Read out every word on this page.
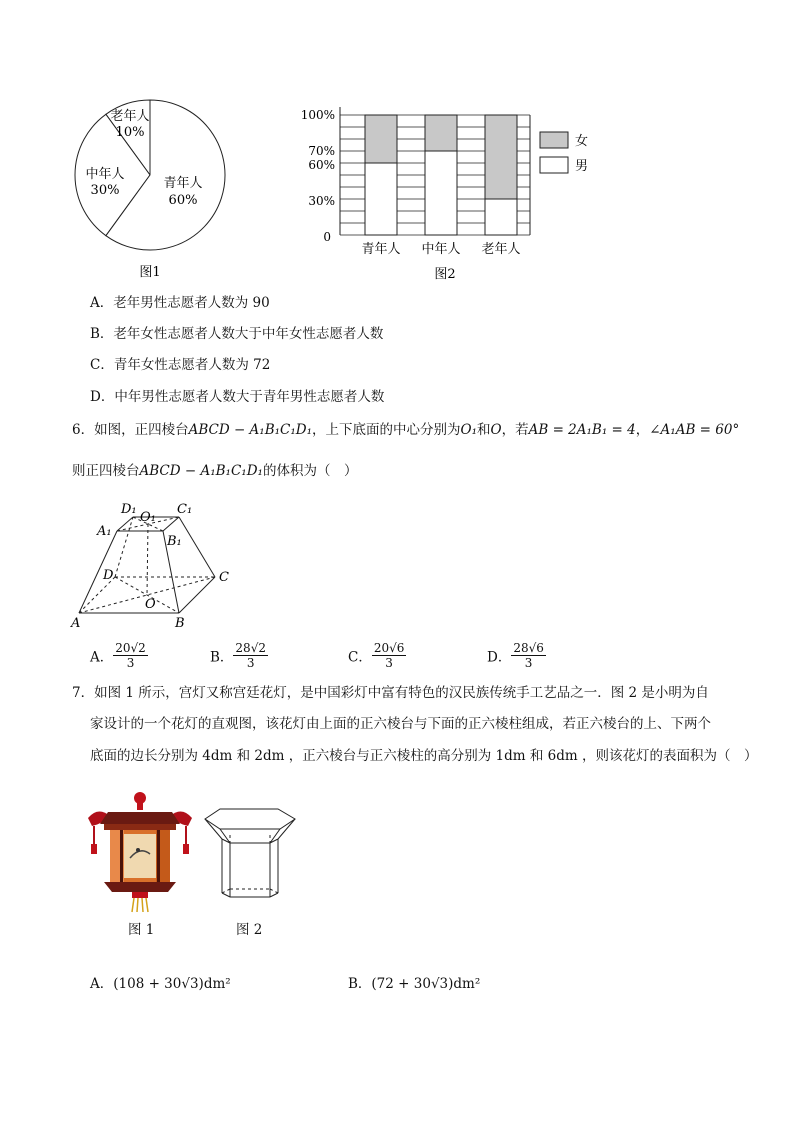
老年人
10%
中年人
30%	青年人
60%
图1
100%
70%
60%
30%
0
青年人 中年人 老年人
女
男
图2
A．老年男性志愿者人数为 90
B．老年女性志愿者人数大于中年女性志愿者人数
C．青年女性志愿者人数为 72
D．中年男性志愿者人数大于青年男性志愿者人数
6．如图，正四棱台ABCD − A₁B₁C₁D₁，上下底面的中心分别为O₁和O，若AB = 2A₁B₁ = 4，∠A₁AB = 60°
则正四棱台ABCD − A₁B₁C₁D₁的体积为（　）
D₁
O₁
C₁
A₁
B₁
D	C
O
A	B
A． $\frac{20√2}{3}$	B． $\frac{28√2}{3}$	C． $\frac{20√6}{3}$	D． $\frac{28√6}{3}$
7．如图 1 所示，宫灯又称宫廷花灯，是中国彩灯中富有特色的汉民族传统手工艺品之一．图 2 是小明为自
家设计的一个花灯的直观图，该花灯由上面的正六棱台与下面的正六棱柱组成，若正六棱台的上、下两个
底面的边长分别为 4dm 和 2dm ，正六棱台与正六棱柱的高分别为 1dm 和 6dm ，则该花灯的表面积为（　）
图 1	图 2
A．(108 + 30√3)dm²	B．(72 + 30√3)dm²
